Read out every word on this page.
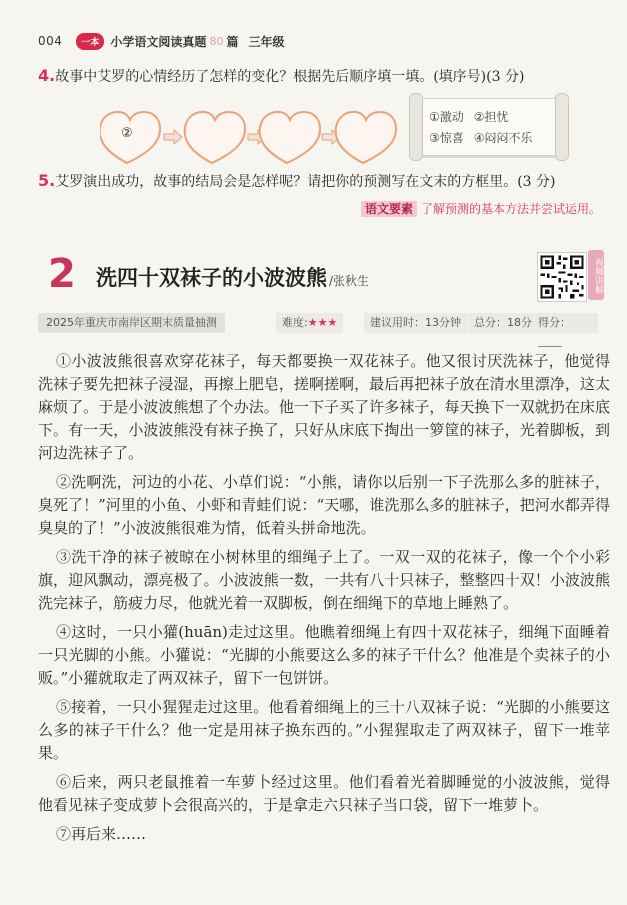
004	一本 小学语文阅读真题 80 篇 三年级
4.故事中艾罗的心情经历了怎样的变化？根据先后顺序填一填。(填序号)(3 分)
②
①激动 ②担忧
③惊喜 ④闷闷不乐
5.艾罗演出成功，故事的结局会是怎样呢？请把你的预测写在文末的方框里。(3 分)
语文要素 了解预测的基本方法并尝试运用。
2 洗四十双袜子的小波波熊 /张秋生	视频讲解
2025年重庆市南岸区期末质量抽测	难度:★★★	建议用时：13分钟	总分：18分 得分：

①小波波熊很喜欢穿花袜子，每天都要换一双花袜子。他又很讨厌洗袜子，他觉得洗袜子要先把袜子浸湿，再擦上肥皂，搓啊搓啊，最后再把袜子放在清水里漂净，这太麻烦了。于是小波波熊想了个办法。他一下子买了许多袜子，每天换下一双就扔在床底下。有一天，小波波熊没有袜子换了，只好从床底下掏出一箩筐的袜子，光着脚板，到河边洗袜子了。

②洗啊洗，河边的小花、小草们说：“小熊，请你以后别一下子洗那么多的脏袜子，臭死了！”河里的小鱼、小虾和青蛙们说：“天哪，谁洗那么多的脏袜子，把河水都弄得臭臭的了！”小波波熊很难为情，低着头拼命地洗。

③洗干净的袜子被晾在小树林里的细绳子上了。一双一双的花袜子，像一个个小彩旗，迎风飘动，漂亮极了。小波波熊一数，一共有八十只袜子，整整四十双！小波波熊洗完袜子，筋疲力尽，他就光着一双脚板，倒在细绳下的草地上睡熟了。

④这时，一只小獾(huān)走过这里。他瞧着细绳上有四十双花袜子，细绳下面睡着一只光脚的小熊。小獾说：“光脚的小熊要这么多的袜子干什么？他准是个卖袜子的小贩。”小獾就取走了两双袜子，留下一包饼饼。

⑤接着，一只小猩猩走过这里。他看着细绳上的三十八双袜子说：“光脚的小熊要这么多的袜子干什么？他一定是用袜子换东西的。”小猩猩取走了两双袜子，留下一堆苹果。

⑥后来，两只老鼠推着一车萝卜经过这里。他们看着光着脚睡觉的小波波熊，觉得他看见袜子变成萝卜会很高兴的，于是拿走六只袜子当口袋，留下一堆萝卜。

⑦再后来……
